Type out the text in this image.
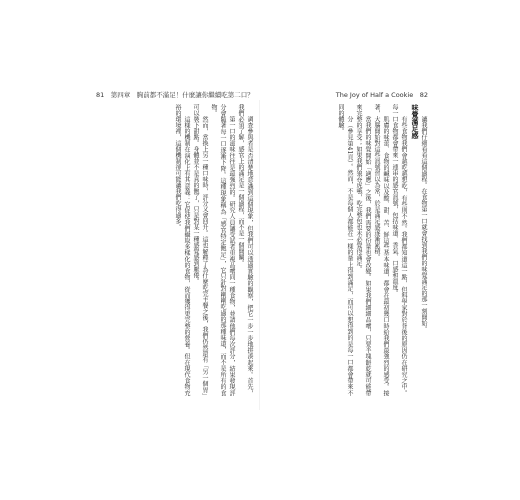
81　第四章　胸前都不滿足！什麼讓你繼續吃第二口？	The Joy of Half a Cookie　82

調查參與者是否清楚地意識到這個現象，但我們可以透過實驗的觀察，把它一步一步地拼湊起來。首先，我們必須了解，感官上的滿足是一個過程，而不是一個開關。

第一口的滋味往往是最強烈的。研究人員讓受試者重複品嚐同一種食物，並請他們每次評分，結果發現評分會隨著每一口逐漸下降。這種現象稱為「感官特定飽足」，它只針對剛剛吃過的那種味道，而不是所有的食物。

然而，當換上另一種口味時，評分又會回升。這也解釋了為什麼吃完主餐之後，我們仍然還有「另一個胃」可以裝下甜點。身體並不是真的飽了，只是對某一種感覺感到厭倦。

這樣的機制在演化上有其意義：它促使我們攝取多樣化的食物，從而獲得更完整的營養。但在現代食物充裕的環境裡，這個機制卻可能讓我們吃得過多。	讓我們仔細看看這個過程。在食物第一口就會找到我們的味覺滿足的那一刻開始。

味覺滿足感

有些食物我們會越吃越想吃，有些則不然。我們都知道這一點，但科學家對於背後的原因仍在研究之中。每一口食物都會帶來一連串的感官訊號，包括味道、香氣、口感和溫度。

肌膚的味蕾、食物的鹹味以及酸、甜、苦、鮮這些基本味道，都會在最初幾口時給我們最強烈的感受。接著，大腦開始對這些訊號習以為常，於是滿足感逐漸累積。

當我們的味覺開始「適應」之後，我們需要的份量也會改變。如果我們細細品嚐，只要半塊餅乾就可能帶來完整的享受；如果我們狼吞虎嚥，吃完整包也未必覺得滿足。

分（參見第41頁）。然而，不是每個人都能在一樣的量上得到滿足，而可以想得到的是每一口都會帶來不同的體驗。
